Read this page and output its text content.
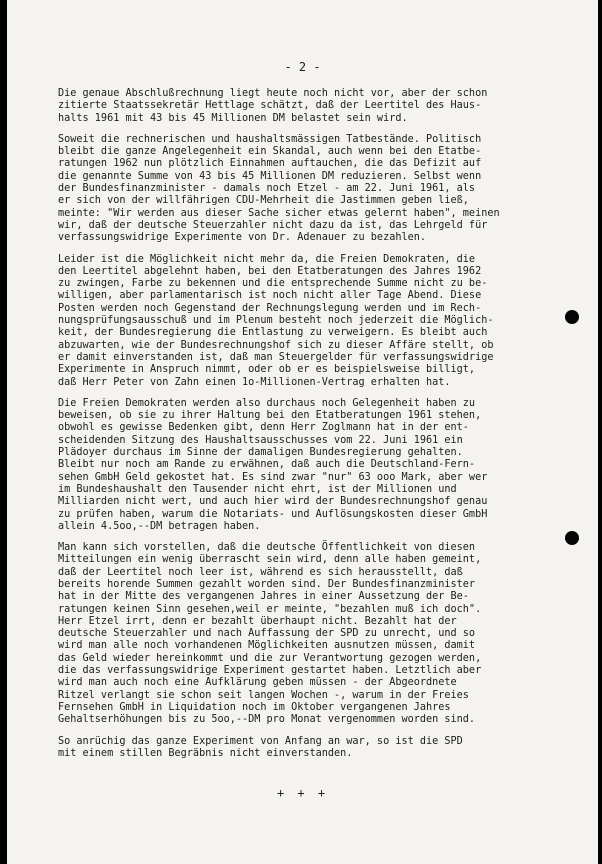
- 2 -
Die genaue Abschlußrechnung liegt heute noch nicht vor, aber der schon
zitierte Staatssekretär Hettlage schätzt, daß der Leertitel des Haus-
halts 1961 mit 43 bis 45 Millionen DM belastet sein wird.
Soweit die rechnerischen und haushaltsmässigen Tatbestände. Politisch
bleibt die ganze Angelegenheit ein Skandal, auch wenn bei den Etatbe-
ratungen 1962 nun plötzlich Einnahmen auftauchen, die das Defizit auf
die genannte Summe von 43 bis 45 Millionen DM reduzieren. Selbst wenn
der Bundesfinanzminister - damals noch Etzel - am 22. Juni 1961, als
er sich von der willfährigen CDU-Mehrheit die Jastimmen geben ließ,
meinte: "Wir werden aus dieser Sache sicher etwas gelernt haben", meinen
wir, daß der deutsche Steuerzahler nicht dazu da ist, das Lehrgeld für
verfassungswidrige Experimente von Dr. Adenauer zu bezahlen.
Leider ist die Möglichkeit nicht mehr da, die Freien Demokraten, die
den Leertitel abgelehnt haben, bei den Etatberatungen des Jahres 1962
zu zwingen, Farbe zu bekennen und die entsprechende Summe nicht zu be-
willigen, aber parlamentarisch ist noch nicht aller Tage Abend. Diese
Posten werden noch Gegenstand der Rechnungslegung werden und im Rech-
nungsprüfungsausschuß und im Plenum besteht noch jederzeit die Möglich-
keit, der Bundesregierung die Entlastung zu verweigern. Es bleibt auch
abzuwarten, wie der Bundesrechnungshof sich zu dieser Affäre stellt, ob
er damit einverstanden ist, daß man Steuergelder für verfassungswidrige
Experimente in Anspruch nimmt, oder ob er es beispielsweise billigt,
daß Herr Peter von Zahn einen 1o-Millionen-Vertrag erhalten hat.
Die Freien Demokraten werden also durchaus noch Gelegenheit haben zu
beweisen, ob sie zu ihrer Haltung bei den Etatberatungen 1961 stehen,
obwohl es gewisse Bedenken gibt, denn Herr Zoglmann hat in der ent-
scheidenden Sitzung des Haushaltsausschusses vom 22. Juni 1961 ein
Plädoyer durchaus im Sinne der damaligen Bundesregierung gehalten.
Bleibt nur noch am Rande zu erwähnen, daß auch die Deutschland-Fern-
sehen GmbH Geld gekostet hat. Es sind zwar "nur" 63 ooo Mark, aber wer
im Bundeshaushalt den Tausender nicht ehrt, ist der Millionen und
Milliarden nicht wert, und auch hier wird der Bundesrechnungshof genau
zu prüfen haben, warum die Notariats- und Auflösungskosten dieser GmbH
allein 4.5oo,--DM betragen haben.
Man kann sich vorstellen, daß die deutsche Öffentlichkeit von diesen
Mitteilungen ein wenig überrascht sein wird, denn alle haben gemeint,
daß der Leertitel noch leer ist, während es sich herausstellt, daß
bereits horende Summen gezahlt worden sind. Der Bundesfinanzminister
hat in der Mitte des vergangenen Jahres in einer Aussetzung der Be-
ratungen keinen Sinn gesehen,weil er meinte, "bezahlen muß ich doch".
Herr Etzel irrt, denn er bezahlt überhaupt nicht. Bezahlt hat der
deutsche Steuerzahler und nach Auffassung der SPD zu unrecht, und so
wird man alle noch vorhandenen Möglichkeiten ausnutzen müssen, damit
das Geld wieder hereinkommt und die zur Verantwortung gezogen werden,
die das verfassungswidrige Experiment gestartet haben. Letztlich aber
wird man auch noch eine Aufklärung geben müssen - der Abgeordnete
Ritzel verlangt sie schon seit langen Wochen -, warum in der Freies
Fernsehen GmbH in Liquidation noch im Oktober vergangenen Jahres
Gehaltserhöhungen bis zu 5oo,--DM pro Monat vergenommen worden sind.
So anrüchig das ganze Experiment von Anfang an war, so ist die SPD
mit einem stillen Begräbnis nicht einverstanden.
+ + +
